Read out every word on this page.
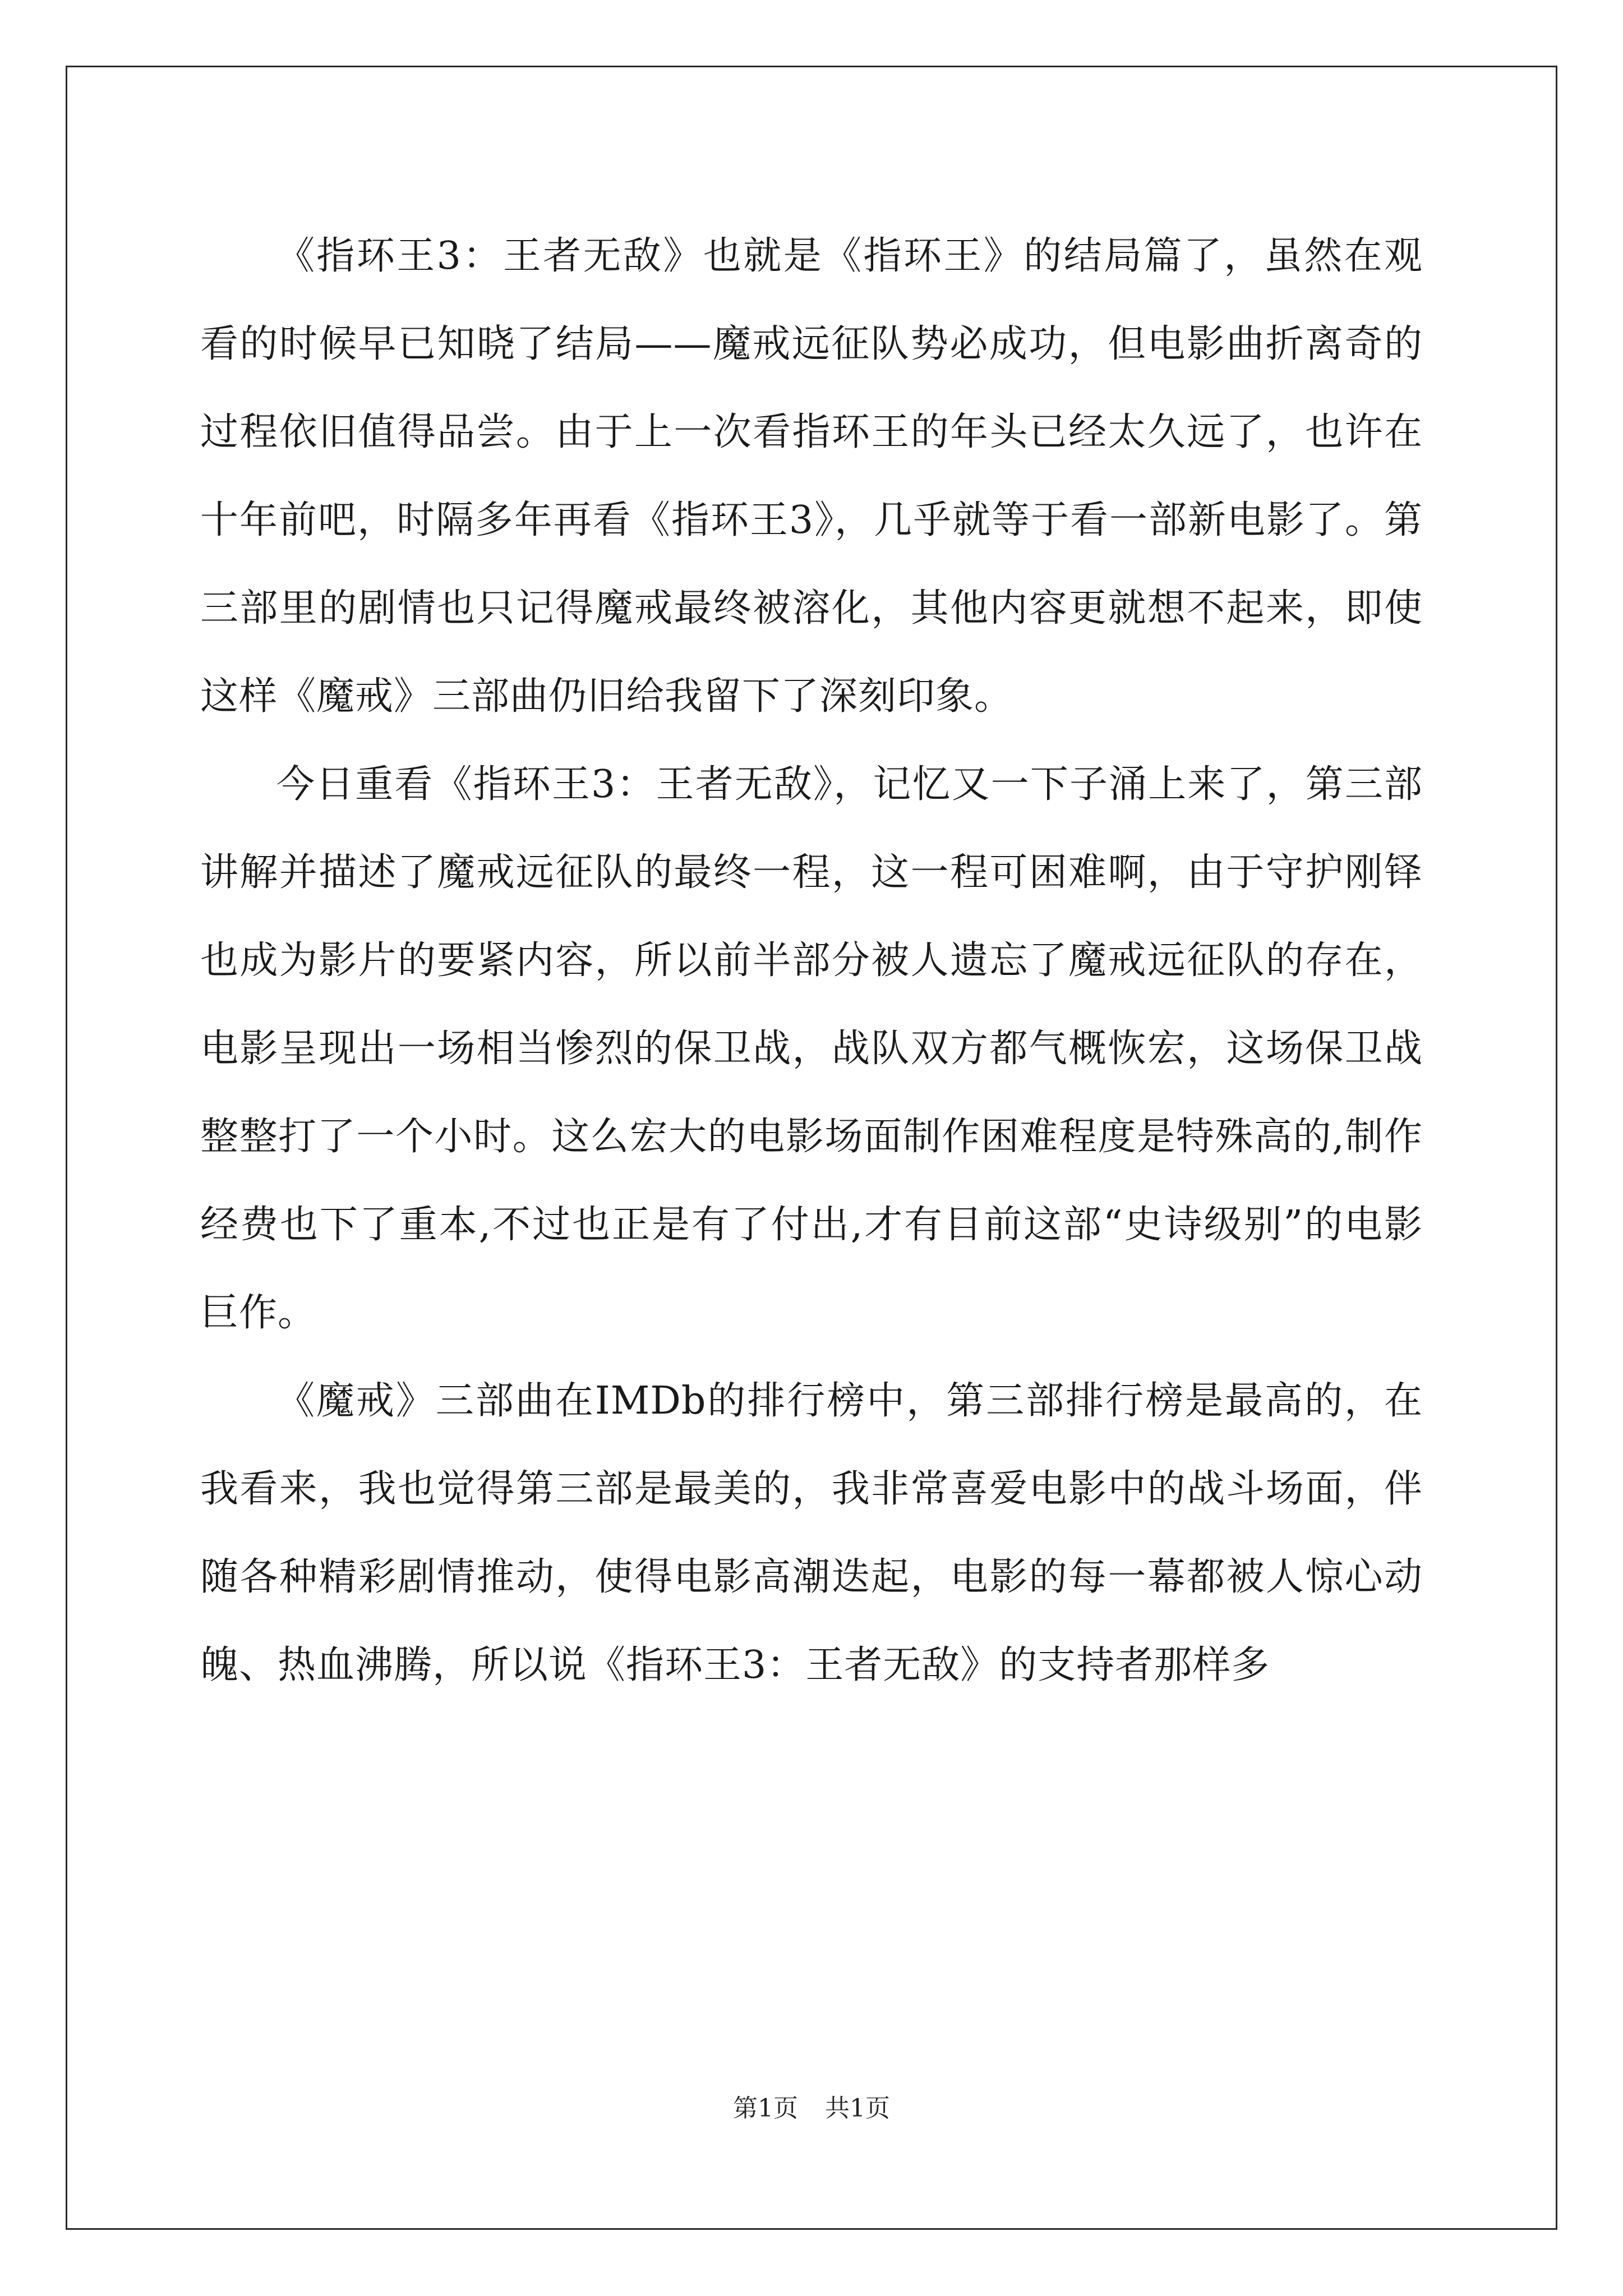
《指环王3：王者无敌》也就是《指环王》的结局篇了，虽然在观看的时候早已知晓了结局——魔戒远征队势必成功，但电影曲折离奇的过程依旧值得品尝。由于上一次看指环王的年头已经太久远了，也许在十年前吧，时隔多年再看《指环王3》，几乎就等于看一部新电影了。第三部里的剧情也只记得魔戒最终被溶化，其他内容更就想不起来，即使这样《魔戒》三部曲仍旧给我留下了深刻印象。

今日重看《指环王3：王者无敌》，记忆又一下子涌上来了，第三部讲解并描述了魔戒远征队的最终一程，这一程可困难啊，由于守护刚铎也成为影片的要紧内容，所以前半部分被人遗忘了魔戒远征队的存在，电影呈现出一场相当惨烈的保卫战，战队双方都气概恢宏，这场保卫战整整打了一个小时。这么宏大的电影场面制作困难程度是特殊高的,制作经费也下了重本,不过也正是有了付出,才有目前这部“史诗级别”的电影巨作。

《魔戒》三部曲在IMDb的排行榜中，第三部排行榜是最高的，在我看来，我也觉得第三部是最美的，我非常喜爱电影中的战斗场面，伴随各种精彩剧情推动，使得电影高潮迭起，电影的每一幕都被人惊心动魄、热血沸腾，所以说《指环王3：王者无敌》的支持者那样多

第1页 共1页
